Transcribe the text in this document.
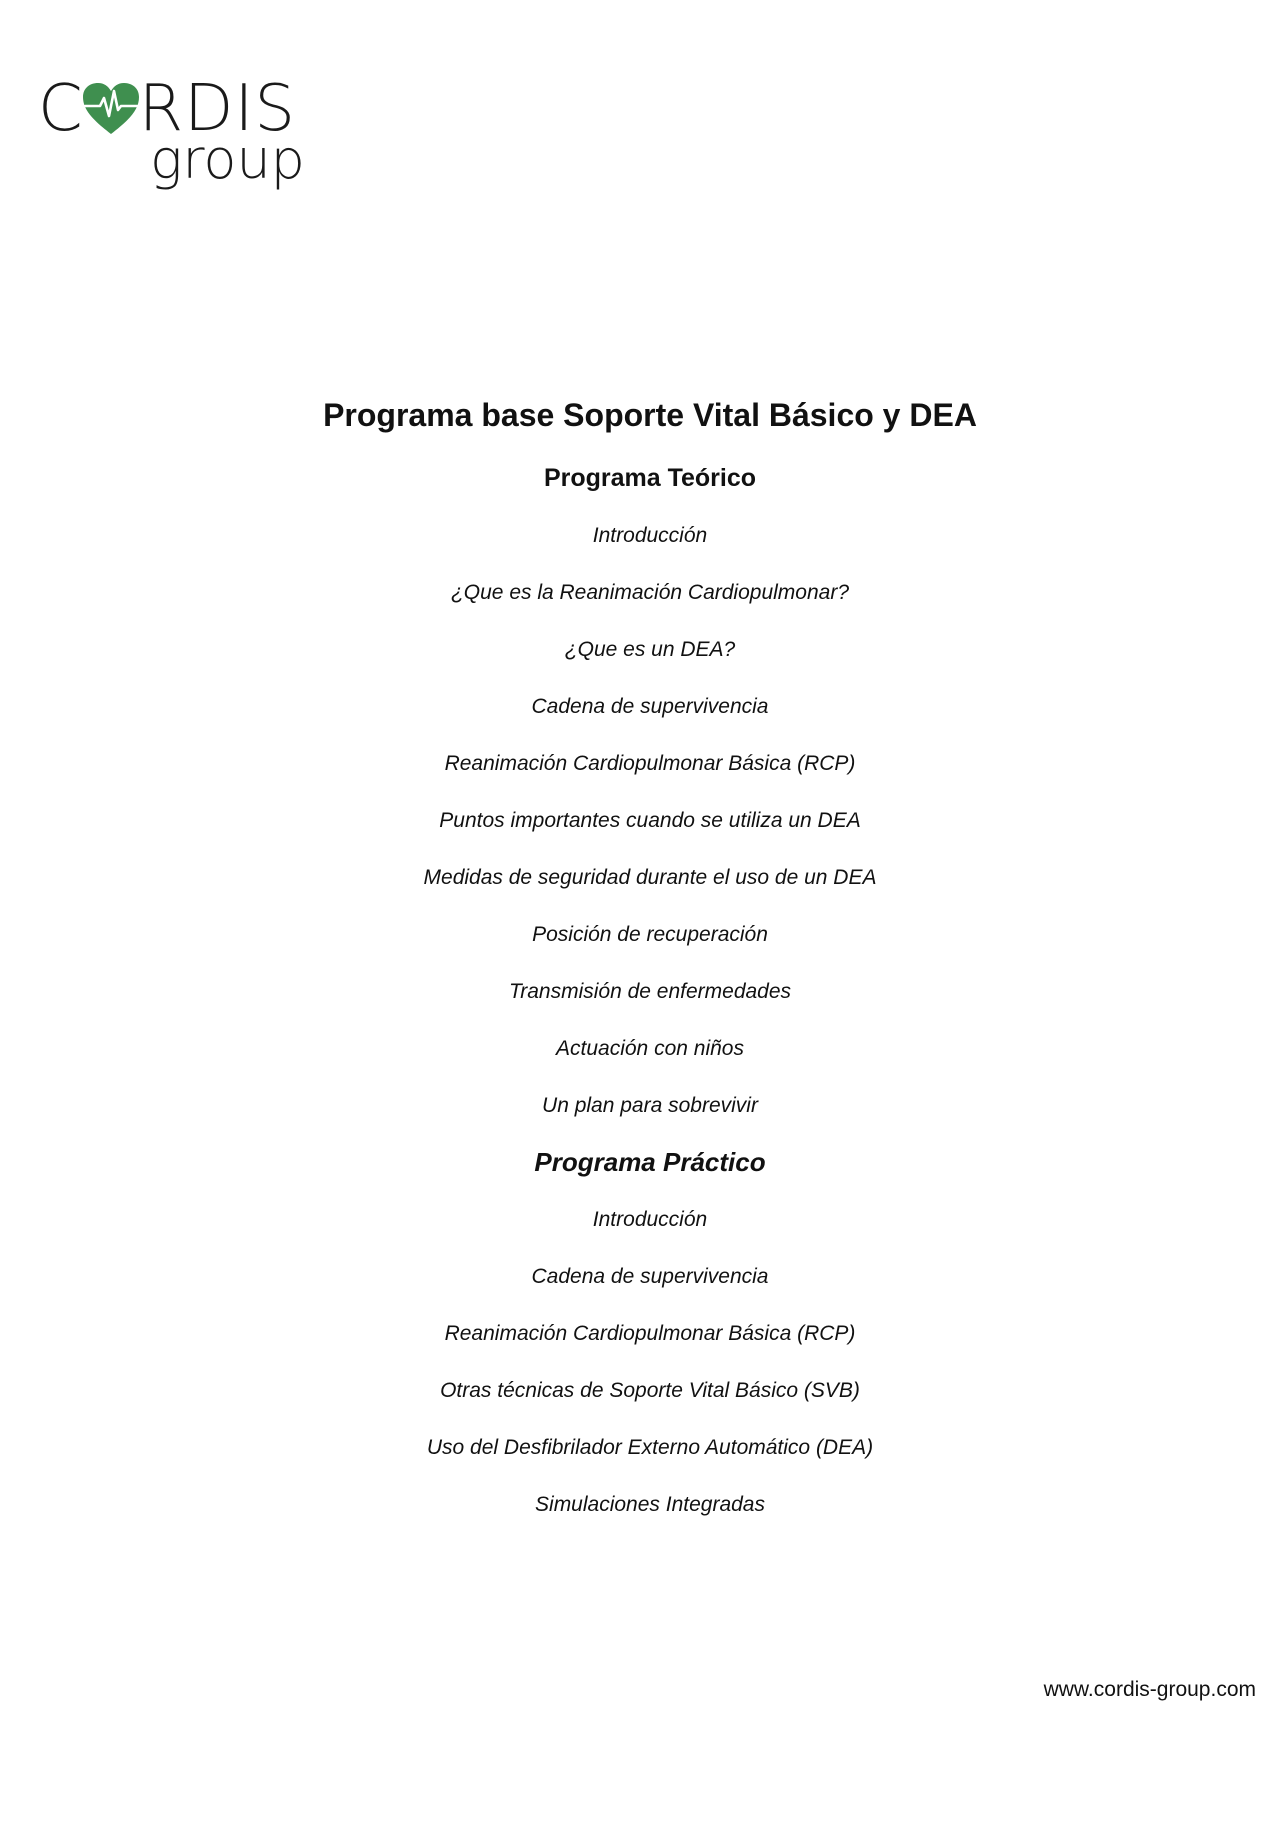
C RDIS
group
Programa base Soporte Vital Básico y DEA
Programa Teórico
Introducción
¿Que es la Reanimación Cardiopulmonar?
¿Que es un DEA?
Cadena de supervivencia
Reanimación Cardiopulmonar Básica (RCP)
Puntos importantes cuando se utiliza un DEA
Medidas de seguridad durante el uso de un DEA
Posición de recuperación
Transmisión de enfermedades
Actuación con niños
Un plan para sobrevivir
Programa Práctico
Introducción
Cadena de supervivencia
Reanimación Cardiopulmonar Básica (RCP)
Otras técnicas de Soporte Vital Básico (SVB)
Uso del Desfibrilador Externo Automático (DEA)
Simulaciones Integradas
www.cordis-group.com
